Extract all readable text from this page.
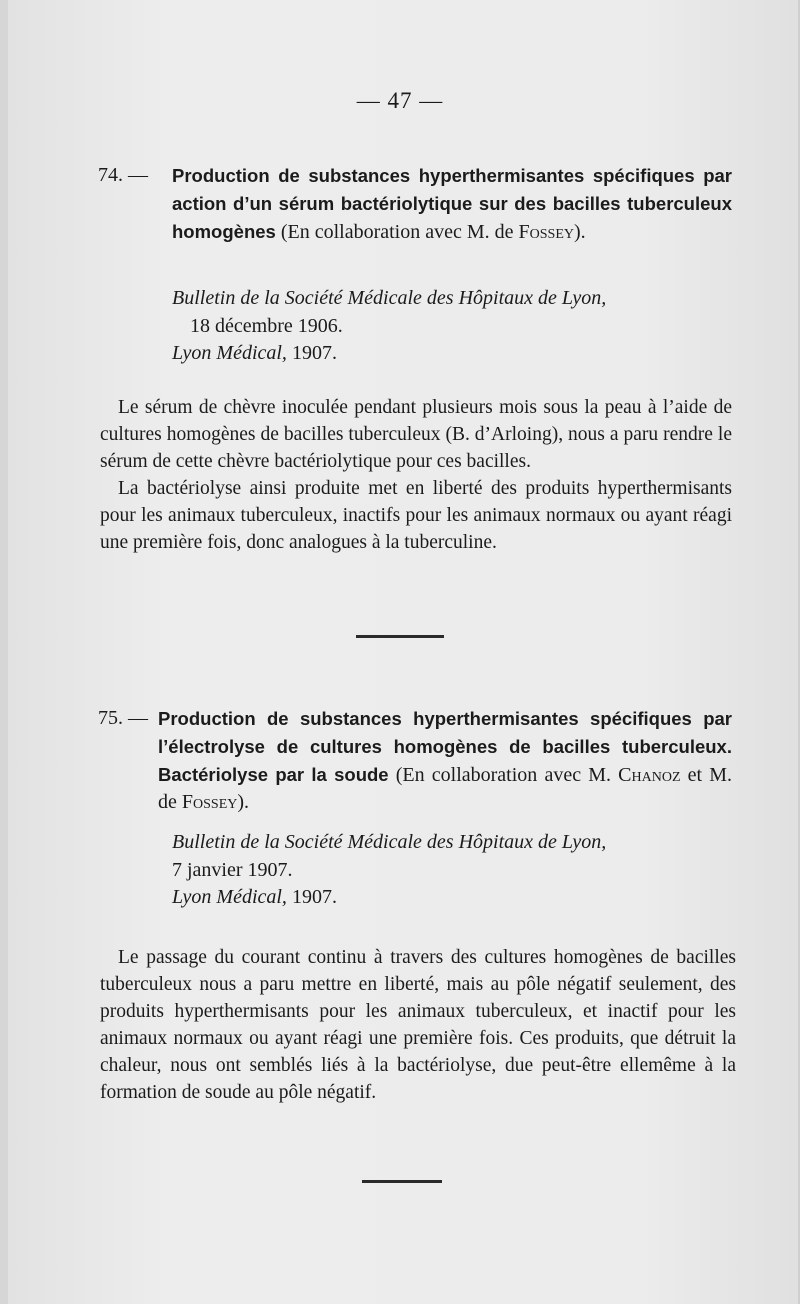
— 47 —
74. — Production de substances hyperthermisantes spécifiques par action d’un sérum bactériolytique sur des bacilles tuberculeux homogènes (En collaboration avec M. de Fossey).
Bulletin de la Société Médicale des Hôpitaux de Lyon,
18 décembre 1906.
Lyon Médical, 1907.

Le sérum de chèvre inoculée pendant plusieurs mois sous la peau à l’aide de cultures homogènes de bacilles tuberculeux (B. d’Arloing), nous a paru rendre le sérum de cette chèvre bactériolytique pour ces bacilles.

La bactériolyse ainsi produite met en liberté des produits hyperthermisants pour les animaux tuberculeux, inactifs pour les animaux normaux ou ayant réagi une première fois, donc analogues à la tuberculine.

75. — Production de substances hyperthermisantes spécifiques par l’électrolyse de cultures homogènes de bacilles tuberculeux. Bactériolyse par la soude (En collaboration avec M. Chanoz et M. de Fossey).
Bulletin de la Société Médicale des Hôpitaux de Lyon,
7 janvier 1907.
Lyon Médical, 1907.

Le passage du courant continu à travers des cultures homogènes de bacilles tuberculeux nous a paru mettre en liberté, mais au pôle négatif seulement, des produits hyperthermisants pour les animaux tuberculeux, et inactif pour les animaux normaux ou ayant réagi une première fois. Ces produits, que détruit la chaleur, nous ont semblés liés à la bactériolyse, due peut-être ellemême à la formation de soude au pôle négatif.
